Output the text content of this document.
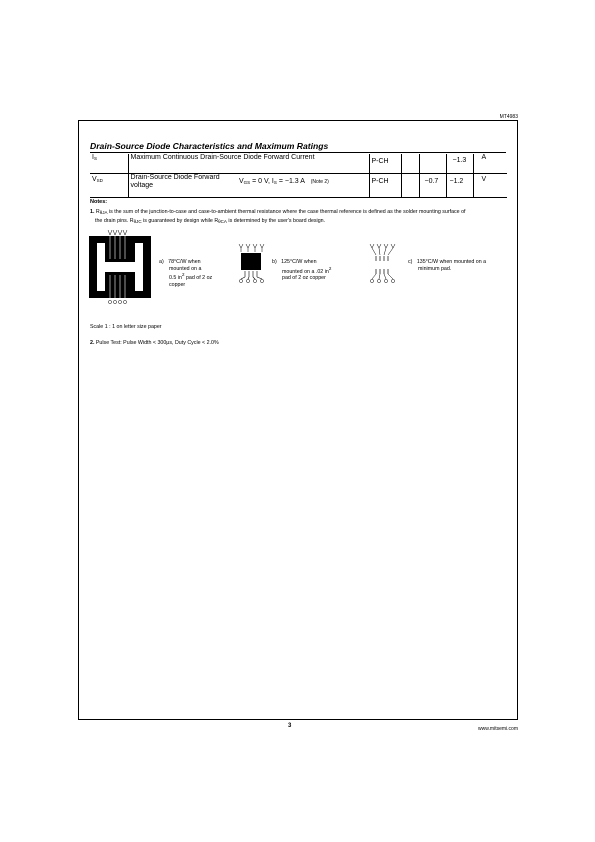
MT4983
Drain-Source Diode Characteristics and Maximum Ratings
$I_S$	Maximum Continuous Drain-Source Diode Forward Current		P-CH			−1.3	A
$V_{SD}$	Drain-Source Diode Forward
voltage	$V_{GS} = 0$ V, $I_S = -1.3$ A (Note 2)	P-CH		−0.7	−1.2	V
Notes:
1. $R_{\theta JA}$ is the sum of the junction-to-case and case-to-ambient thermal resistance where the case thermal reference is defined as the solder mounting surface of
the drain pins. $R_{\theta JC}$ is guaranteed by design while $R_{\theta CA}$ is determined by the user's board design.
a) 78°C/W when
mounted on a
0.5 $in^2$ pad of 2 oz
copper
b) 125°C/W when
mounted on a .02 $in^2$
pad of 2 oz copper
c) 135°C/W when mounted on a
minimum pad.
Scale 1 : 1 on letter size paper
2. Pulse Test: Pulse Width < 300μs, Duty Cycle < 2.0%
3	www.mitsemi.com
